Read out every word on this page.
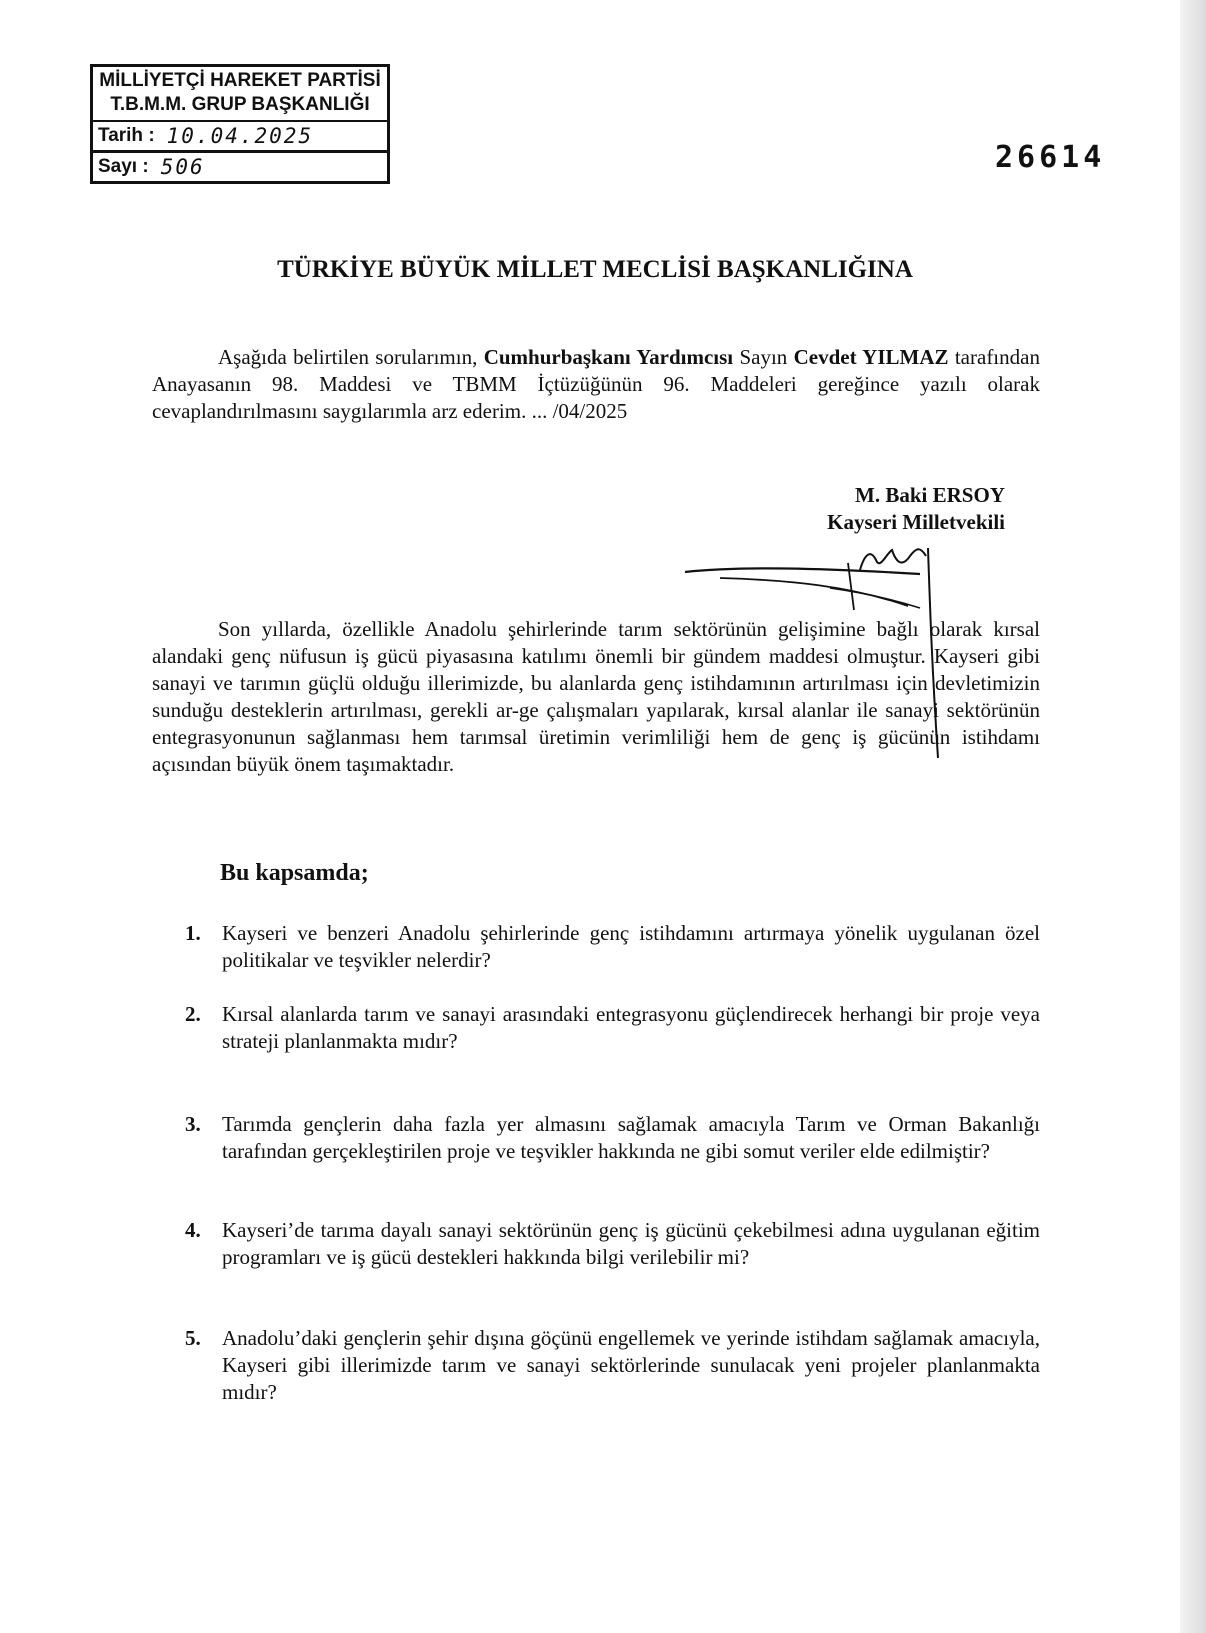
MİLLİYETÇİ HAREKET PARTİSİ
T.B.M.M. GRUP BAŞKANLIĞI
Tarih : 10.04.2025
Sayı : 506	26614
TÜRKİYE BÜYÜK MİLLET MECLİSİ BAŞKANLIĞINA
Aşağıda belirtilen sorularımın, Cumhurbaşkanı Yardımcısı Sayın Cevdet YILMAZ tarafından Anayasanın 98. Maddesi ve TBMM İçtüzüğünün 96. Maddeleri gereğince yazılı olarak cevaplandırılmasını saygılarımla arz ederim. ... /04/2025
M. Baki ERSOY
Kayseri Milletvekili
Son yıllarda, özellikle Anadolu şehirlerinde tarım sektörünün gelişimine bağlı olarak kırsal alandaki genç nüfusun iş gücü piyasasına katılımı önemli bir gündem maddesi olmuştur. Kayseri gibi sanayi ve tarımın güçlü olduğu illerimizde, bu alanlarda genç istihdamının artırılması için devletimizin sunduğu desteklerin artırılması, gerekli ar-ge çalışmaları yapılarak, kırsal alanlar ile sanayi sektörünün entegrasyonunun sağlanması hem tarımsal üretimin verimliliği hem de genç iş gücünün istihdamı açısından büyük önem taşımaktadır.
Bu kapsamda;
1.	Kayseri ve benzeri Anadolu şehirlerinde genç istihdamını artırmaya yönelik uygulanan özel politikalar ve teşvikler nelerdir?
2.	Kırsal alanlarda tarım ve sanayi arasındaki entegrasyonu güçlendirecek herhangi bir proje veya strateji planlanmakta mıdır?
3.	Tarımda gençlerin daha fazla yer almasını sağlamak amacıyla Tarım ve Orman Bakanlığı tarafından gerçekleştirilen proje ve teşvikler hakkında ne gibi somut veriler elde edilmiştir?
4.	Kayseri’de tarıma dayalı sanayi sektörünün genç iş gücünü çekebilmesi adına uygulanan eğitim programları ve iş gücü destekleri hakkında bilgi verilebilir mi?
5.	Anadolu’daki gençlerin şehir dışına göçünü engellemek ve yerinde istihdam sağlamak amacıyla, Kayseri gibi illerimizde tarım ve sanayi sektörlerinde sunulacak yeni projeler planlanmakta mıdır?
